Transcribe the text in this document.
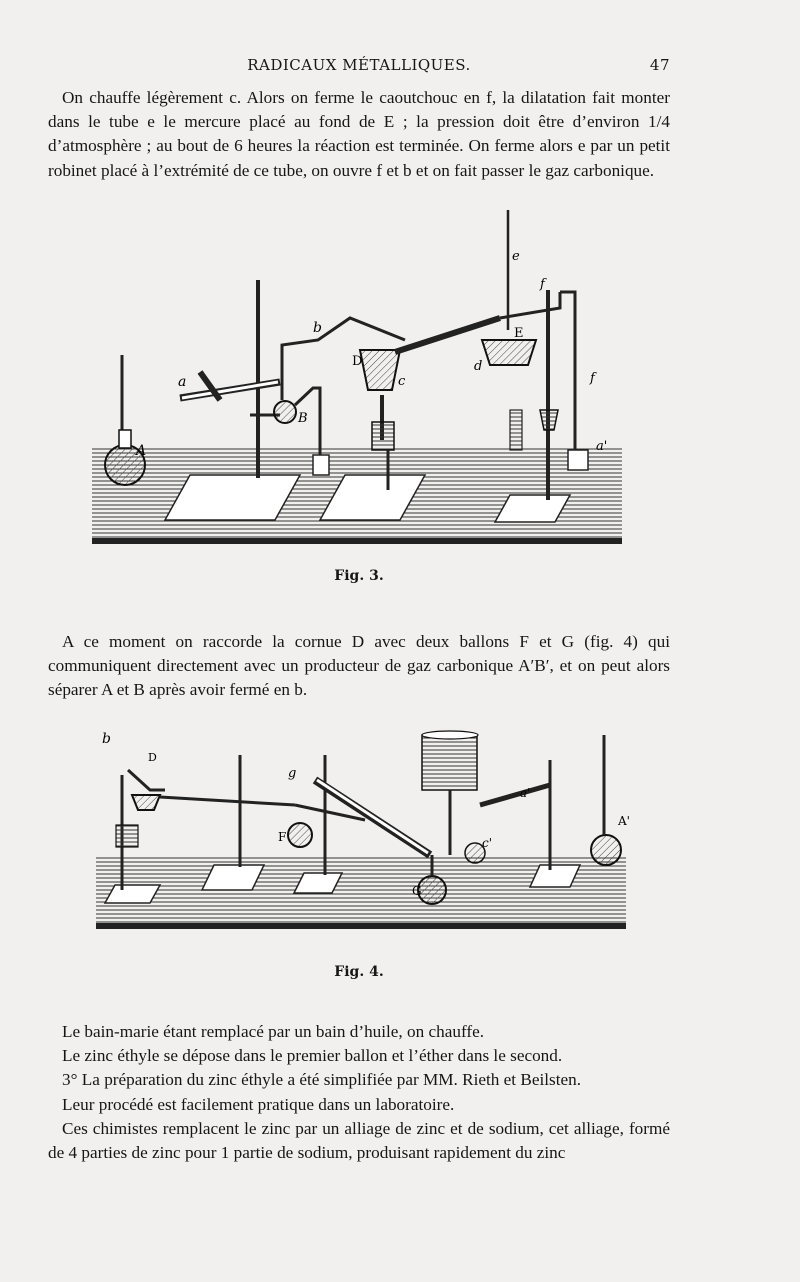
RADICAUX MÉTALLIQUES.	47

On chauffe légèrement c. Alors on ferme le caoutchouc en f, la dilatation fait monter dans le tube e le mercure placé au fond de E ; la pression doit être d’environ 1/4 d’atmosphère ; au bout de 6 heures la réaction est terminée. On ferme alors e par un petit robinet placé à l’extrémité de ce tube, on ouvre f et b et on fait passer le gaz carbonique.

A
a
b
B
D
c
e
E
d
f
f
a'
Fig. 3.

A ce moment on raccorde la cornue D avec deux ballons F et G (fig. 4) qui communiquent directement avec un producteur de gaz carbonique A′B′, et on peut alors séparer A et B après avoir fermé en b.

b
D
g
F
G
a'
c'
A'
Fig. 4.

Le bain-marie étant remplacé par un bain d’huile, on chauffe.

Le zinc éthyle se dépose dans le premier ballon et l’éther dans le second.

3° La préparation du zinc éthyle a été simplifiée par MM. Rieth et Beilsten.

Leur procédé est facilement pratique dans un laboratoire.

Ces chimistes remplacent le zinc par un alliage de zinc et de sodium, cet alliage, formé de 4 parties de zinc pour 1 partie de sodium, produisant rapidement du zinc
